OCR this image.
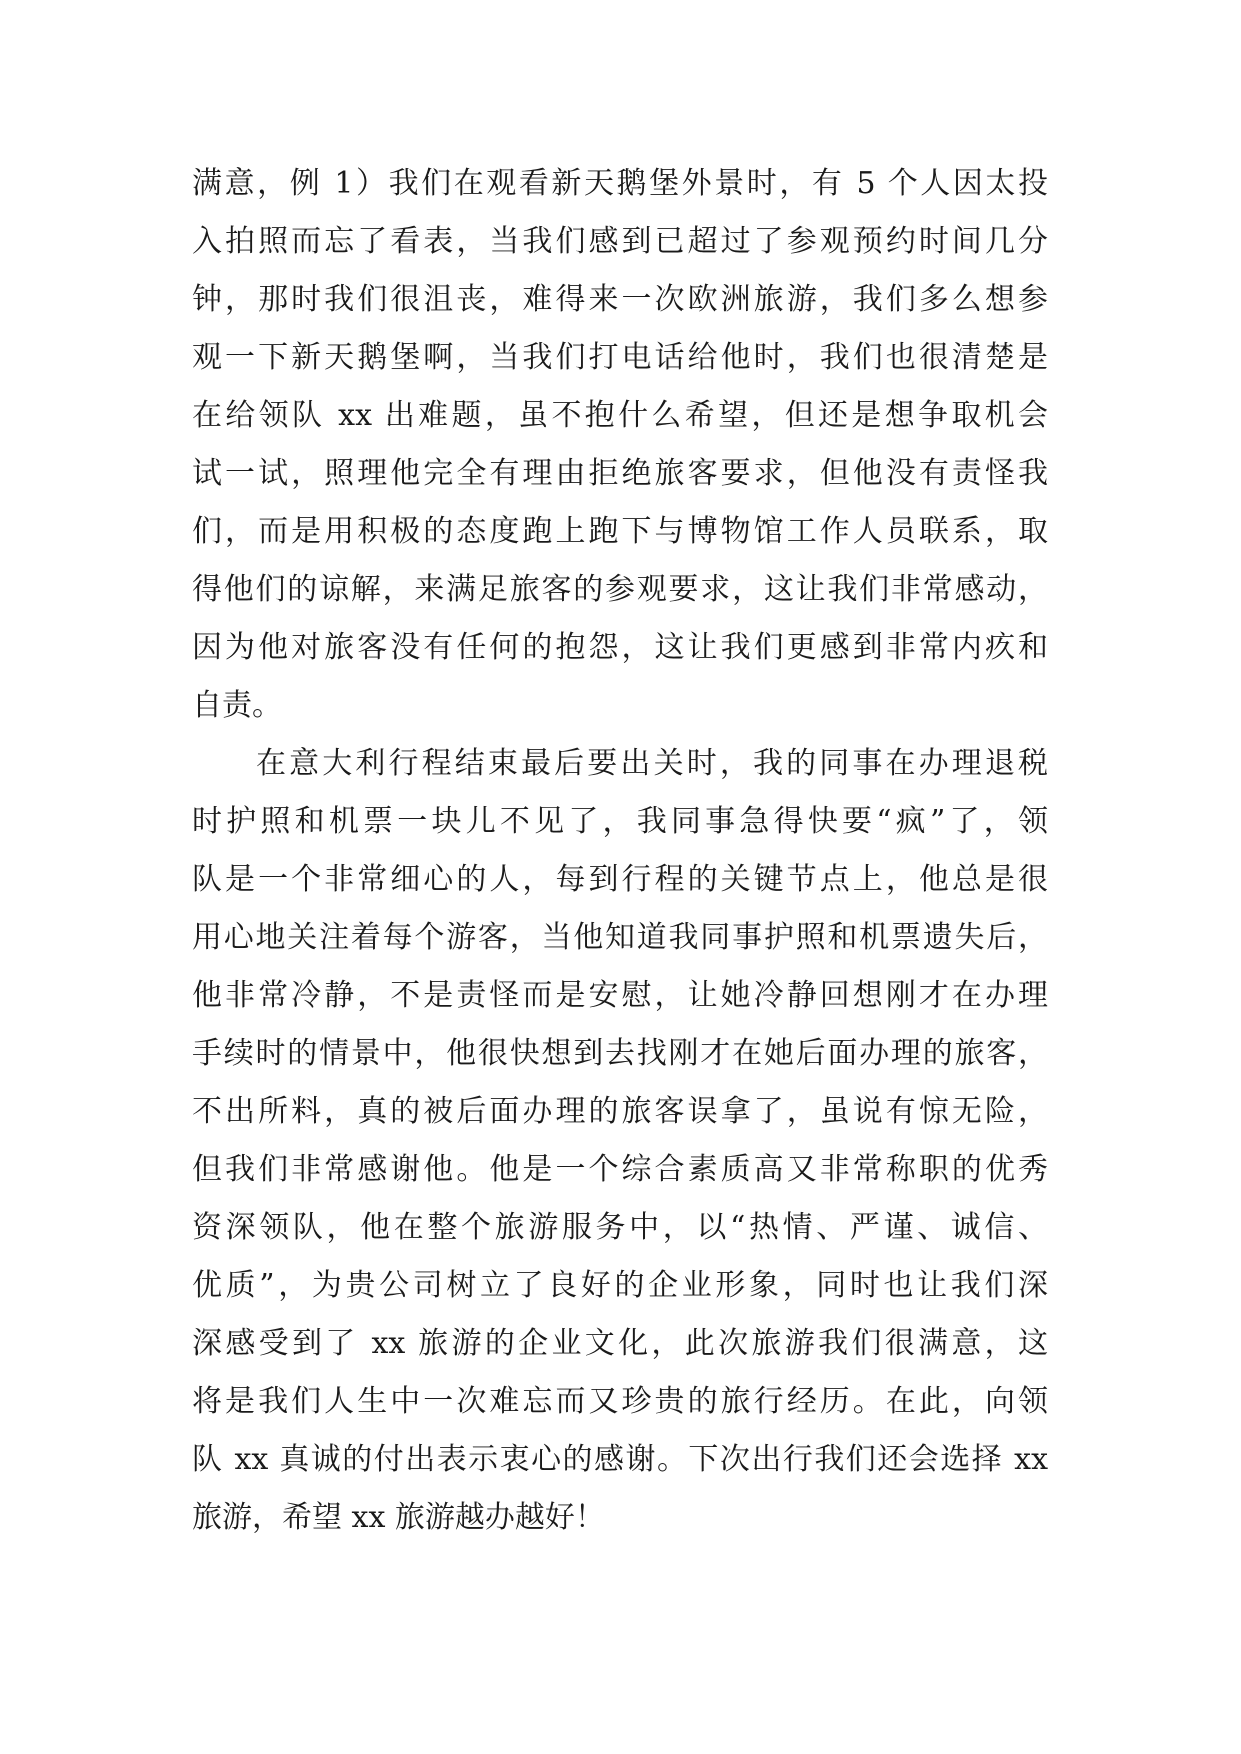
满意，例 1）我们在观看新天鹅堡外景时，有 5 个人因太投
入拍照而忘了看表，当我们感到已超过了参观预约时间几分
钟，那时我们很沮丧，难得来一次欧洲旅游，我们多么想参
观一下新天鹅堡啊，当我们打电话给他时，我们也很清楚是
在给领队 xx 出难题，虽不抱什么希望，但还是想争取机会
试一试，照理他完全有理由拒绝旅客要求，但他没有责怪我
们，而是用积极的态度跑上跑下与博物馆工作人员联系，取
得他们的谅解，来满足旅客的参观要求，这让我们非常感动，
因为他对旅客没有任何的抱怨，这让我们更感到非常内疚和
自责。
在意大利行程结束最后要出关时，我的同事在办理退税
时护照和机票一块儿不见了，我同事急得快要“疯”了，领
队是一个非常细心的人，每到行程的关键节点上，他总是很
用心地关注着每个游客，当他知道我同事护照和机票遗失后，
他非常冷静，不是责怪而是安慰，让她冷静回想刚才在办理
手续时的情景中，他很快想到去找刚才在她后面办理的旅客，
不出所料，真的被后面办理的旅客误拿了，虽说有惊无险，
但我们非常感谢他。他是一个综合素质高又非常称职的优秀
资深领队，他在整个旅游服务中，以“热情、严谨、诚信、
优质”，为贵公司树立了良好的企业形象，同时也让我们深
深感受到了 xx 旅游的企业文化，此次旅游我们很满意，这
将是我们人生中一次难忘而又珍贵的旅行经历。在此，向领
队 xx 真诚的付出表示衷心的感谢。下次出行我们还会选择 xx
旅游，希望 xx 旅游越办越好！
